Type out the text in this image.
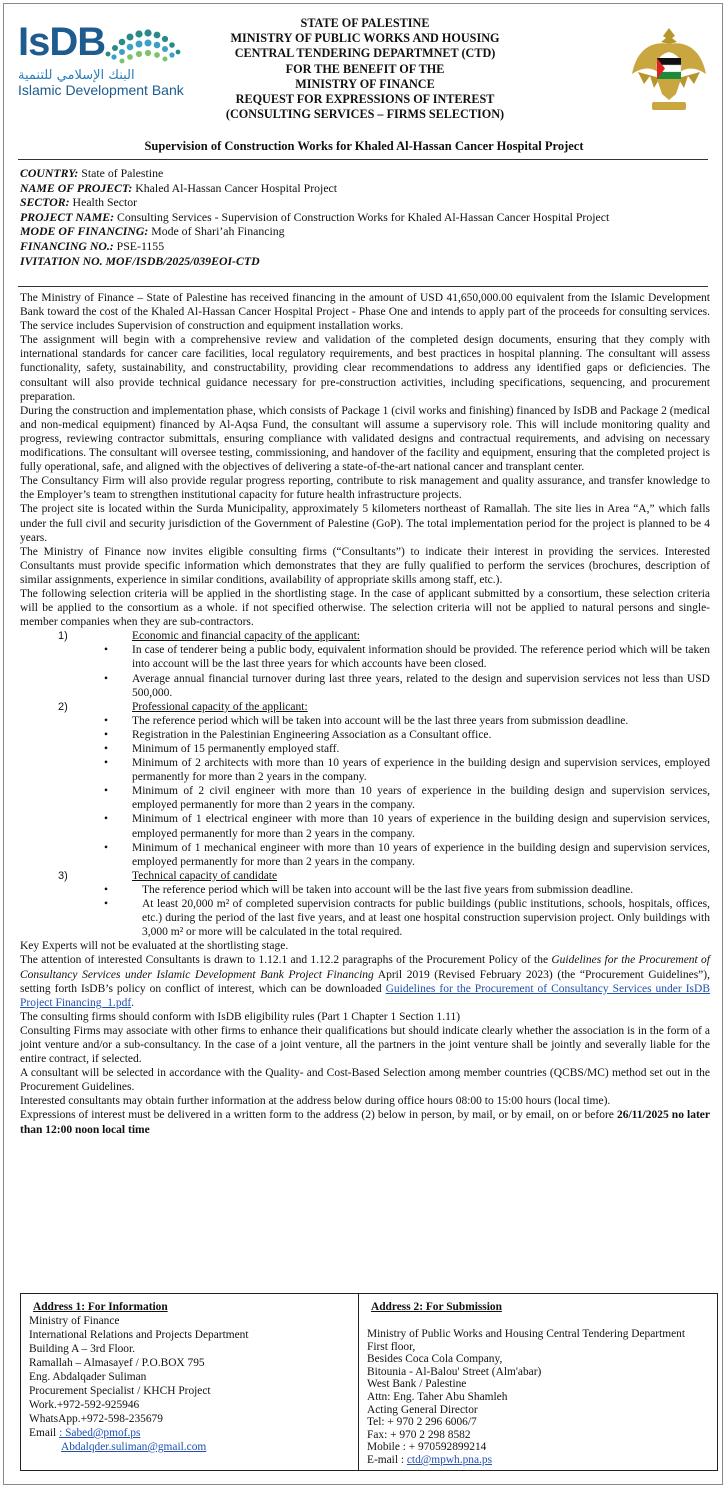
IsDB
البنك الإسلامي للتنمية
Islamic Development Bank
STATE OF PALESTINE
MINISTRY OF PUBLIC WORKS AND HOUSING
CENTRAL TENDERING DEPARTMNET (CTD)
FOR THE BENEFIT OF THE
MINISTRY OF FINANCE
REQUEST FOR EXPRESSIONS OF INTEREST
(CONSULTING SERVICES – FIRMS SELECTION)
Supervision of Construction Works for Khaled Al-Hassan Cancer Hospital Project
COUNTRY: State of Palestine
NAME OF PROJECT: Khaled Al-Hassan Cancer Hospital Project
SECTOR: Health Sector
PROJECT NAME: Consulting Services - Supervision of Construction Works for Khaled Al-Hassan Cancer Hospital Project
MODE OF FINANCING: Mode of Shari’ah Financing
FINANCING NO.: PSE-1155
IVITATION NO. MOF/ISDB/2025/039EOI-CTD

The Ministry of Finance – State of Palestine has received financing in the amount of USD 41,650,000.00 equivalent from the Islamic Development Bank toward the cost of the Khaled Al-Hassan Cancer Hospital Project - Phase One and intends to apply part of the proceeds for consulting services. The service includes Supervision of construction and equipment installation works.

The assignment will begin with a comprehensive review and validation of the completed design documents, ensuring that they comply with international standards for cancer care facilities, local regulatory requirements, and best practices in hospital planning. The consultant will assess functionality, safety, sustainability, and constructability, providing clear recommendations to address any identified gaps or deficiencies. The consultant will also provide technical guidance necessary for pre-construction activities, including specifications, sequencing, and procurement preparation.

During the construction and implementation phase, which consists of Package 1 (civil works and finishing) financed by IsDB and Package 2 (medical and non-medical equipment) financed by Al-Aqsa Fund, the consultant will assume a supervisory role. This will include monitoring quality and progress, reviewing contractor submittals, ensuring compliance with validated designs and contractual requirements, and advising on necessary modifications. The consultant will oversee testing, commissioning, and handover of the facility and equipment, ensuring that the completed project is fully operational, safe, and aligned with the objectives of delivering a state-of-the-art national cancer and transplant center.

The Consultancy Firm will also provide regular progress reporting, contribute to risk management and quality assurance, and transfer knowledge to the Employer’s team to strengthen institutional capacity for future health infrastructure projects.

The project site is located within the Surda Municipality, approximately 5 kilometers northeast of Ramallah. The site lies in Area “A,” which falls under the full civil and security jurisdiction of the Government of Palestine (GoP). The total implementation period for the project is planned to be 4 years.

The Ministry of Finance now invites eligible consulting firms (“Consultants”) to indicate their interest in providing the services. Interested Consultants must provide specific information which demonstrates that they are fully qualified to perform the services (brochures, description of similar assignments, experience in similar conditions, availability of appropriate skills among staff, etc.).

The following selection criteria will be applied in the shortlisting stage. In the case of applicant submitted by a consortium, these selection criteria will be applied to the consortium as a whole. if not specified otherwise. The selection criteria will not be applied to natural persons and single-member companies when they are sub-contractors.

1)	Economic and financial capacity of the applicant:
•	In case of tenderer being a public body, equivalent information should be provided. The reference period which will be taken into account will be the last three years for which accounts have been closed.
•	Average annual financial turnover during last three years, related to the design and supervision services not less than USD 500,000.
2)	Professional capacity of the applicant:
•	The reference period which will be taken into account will be the last three years from submission deadline.
•	Registration in the Palestinian Engineering Association as a Consultant office.
•	Minimum of 15 permanently employed staff.
•	Minimum of 2 architects with more than 10 years of experience in the building design and supervision services, employed permanently for more than 2 years in the company.
•	Minimum of 2 civil engineer with more than 10 years of experience in the building design and supervision services, employed permanently for more than 2 years in the company.
•	Minimum of 1 electrical engineer with more than 10 years of experience in the building design and supervision services, employed permanently for more than 2 years in the company.
•	Minimum of 1 mechanical engineer with more than 10 years of experience in the building design and supervision services, employed permanently for more than 2 years in the company.
3)	Technical capacity of candidate
•	The reference period which will be taken into account will be the last five years from submission deadline.
•	At least 20,000 m² of completed supervision contracts for public buildings (public institutions, schools, hospitals, offices, etc.) during the period of the last five years, and at least one hospital construction supervision project. Only buildings with 3,000 m² or more will be calculated in the total required.

Key Experts will not be evaluated at the shortlisting stage.

The attention of interested Consultants is drawn to 1.12.1 and 1.12.2 paragraphs of the Procurement Policy of the Guidelines for the Procurement of Consultancy Services under Islamic Development Bank Project Financing April 2019 (Revised February 2023) (the “Procurement Guidelines”), setting forth IsDB’s policy on conflict of interest, which can be downloaded Guidelines for the Procurement of Consultancy Services under IsDB Project Financing_1.pdf.

The consulting firms should conform with IsDB eligibility rules (Part 1 Chapter 1 Section 1.11)

Consulting Firms may associate with other firms to enhance their qualifications but should indicate clearly whether the association is in the form of a joint venture and/or a sub-consultancy. In the case of a joint venture, all the partners in the joint venture shall be jointly and severally liable for the entire contract, if selected.

A consultant will be selected in accordance with the Quality- and Cost-Based Selection among member countries (QCBS/MC) method set out in the Procurement Guidelines.

Interested consultants may obtain further information at the address below during office hours 08:00 to 15:00 hours (local time).

Expressions of interest must be delivered in a written form to the address (2) below in person, by mail, or by email, on or before 26/11/2025 no later than 12:00 noon local time

Address 1: For Information
Ministry of Finance
International Relations and Projects Department
Building A – 3rd Floor.
Ramallah – Almasayef / P.O.BOX 795
Eng. Abdalqader Suliman
Procurement Specialist / KHCH Project
Work.+972-592-925946
WhatsApp.+972-598-235679
Email : Sabed@pmof.ps
Abdalqder.suliman@gmail.com
Address 2: For Submission
Ministry of Public Works and Housing Central Tendering Department
First floor,
Besides Coca Cola Company,
Bitounia - Al-Balou' Street (Alm'abar)
West Bank / Palestine
Attn: Eng. Taher Abu Shamleh
Acting General Director
Tel: + 970 2 296 6006/7
Fax: + 970 2 298 8582
Mobile : + 970592899214
E-mail : ctd@mpwh.pna.ps
